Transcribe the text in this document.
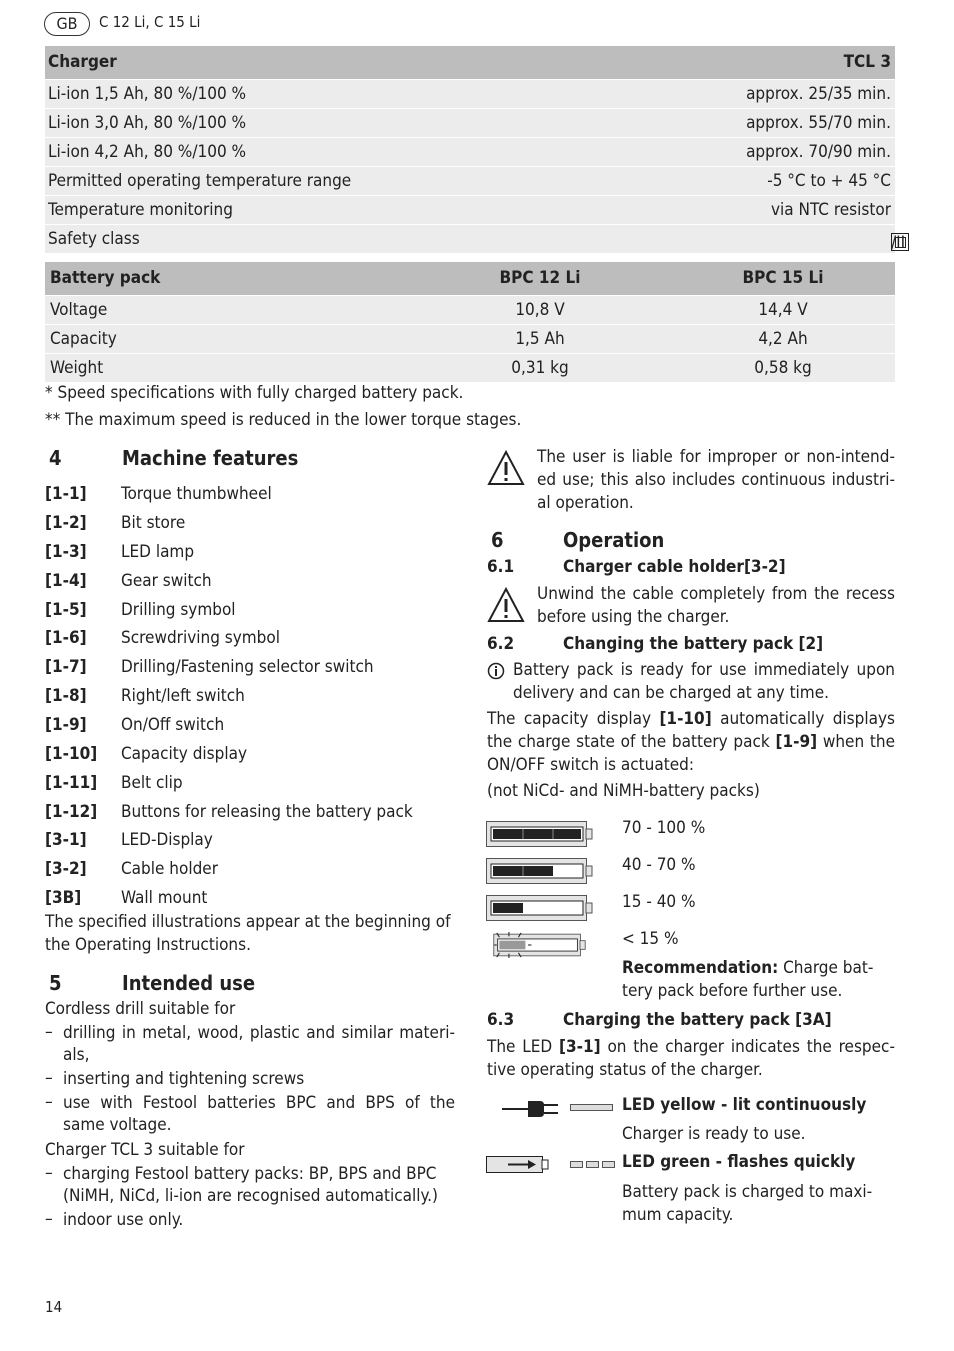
GB	C 12 Li, C 15 Li
Charger	TCL 3
Li-ion 1,5 Ah, 80 %/100 %	approx. 25/35 min.
Li-ion 3,0 Ah, 80 %/100 %	approx. 55/70 min.
Li-ion 4,2 Ah, 80 %/100 %	approx. 70/90 min.
Permitted operating temperature range	-5 °C to + 45 °C
Temperature monitoring	via NTC resistor
Safety class	/II
Battery pack	BPC 12 Li	BPC 15 Li
Voltage	10,8 V	14,4 V
Capacity	1,5 Ah	4,2 Ah
Weight	0,31 kg	0,58 kg
* Speed specifications with fully charged battery pack.
** The maximum speed is reduced in the lower torque stages.
4	Machine features
[1-1] Torque thumbwheel
[1-2] Bit store
[1-3] LED lamp
[1-4] Gear switch
[1-5] Drilling symbol
[1-6] Screwdriving symbol
[1-7] Drilling/Fastening selector switch
[1-8] Right/left switch
[1-9] On/Off switch
[1-10] Capacity display
[1-11] Belt clip
[1-12] Buttons for releasing the battery pack
[3-1] LED-Display
[3-2] Cable holder
[3B] Wall mount
The specified illustrations appear at the beginning of the Operating Instructions.
5	Intended use
Cordless drill suitable for
– drilling in metal, wood, plastic and similar materi-als,
– inserting and tightening screws
– use with Festool batteries BPC and BPS of the same voltage.
Charger TCL 3 suitable for
– charging Festool battery packs: BP, BPS and BPC (NiMH, NiCd, li-ion are recognised automatically.)
– indoor use only.
The user is liable for improper or non-intend-ed use; this also includes continuous industri-al operation.
6	Operation
6.1	Charger cable holder[3-2]
Unwind the cable completely from the recess before using the charger.
6.2	Changing the battery pack [2]
Battery pack is ready for use immediately upon delivery and can be charged at any time.
The capacity display [1-10] automatically displays the charge state of the battery pack [1-9] when the ON/OFF switch is actuated:
(not NiCd- and NiMH-battery packs)
70 - 100 %
40 - 70 %
15 - 40 %
< 15 %
Recommendation: Charge bat-tery pack before further use.
6.3	Charging the battery pack [3A]
The LED [3-1] on the charger indicates the respec-tive operating status of the charger.
LED yellow - lit continuously
Charger is ready to use.
LED green - flashes quickly
Battery pack is charged to maxi-mum capacity.
14
